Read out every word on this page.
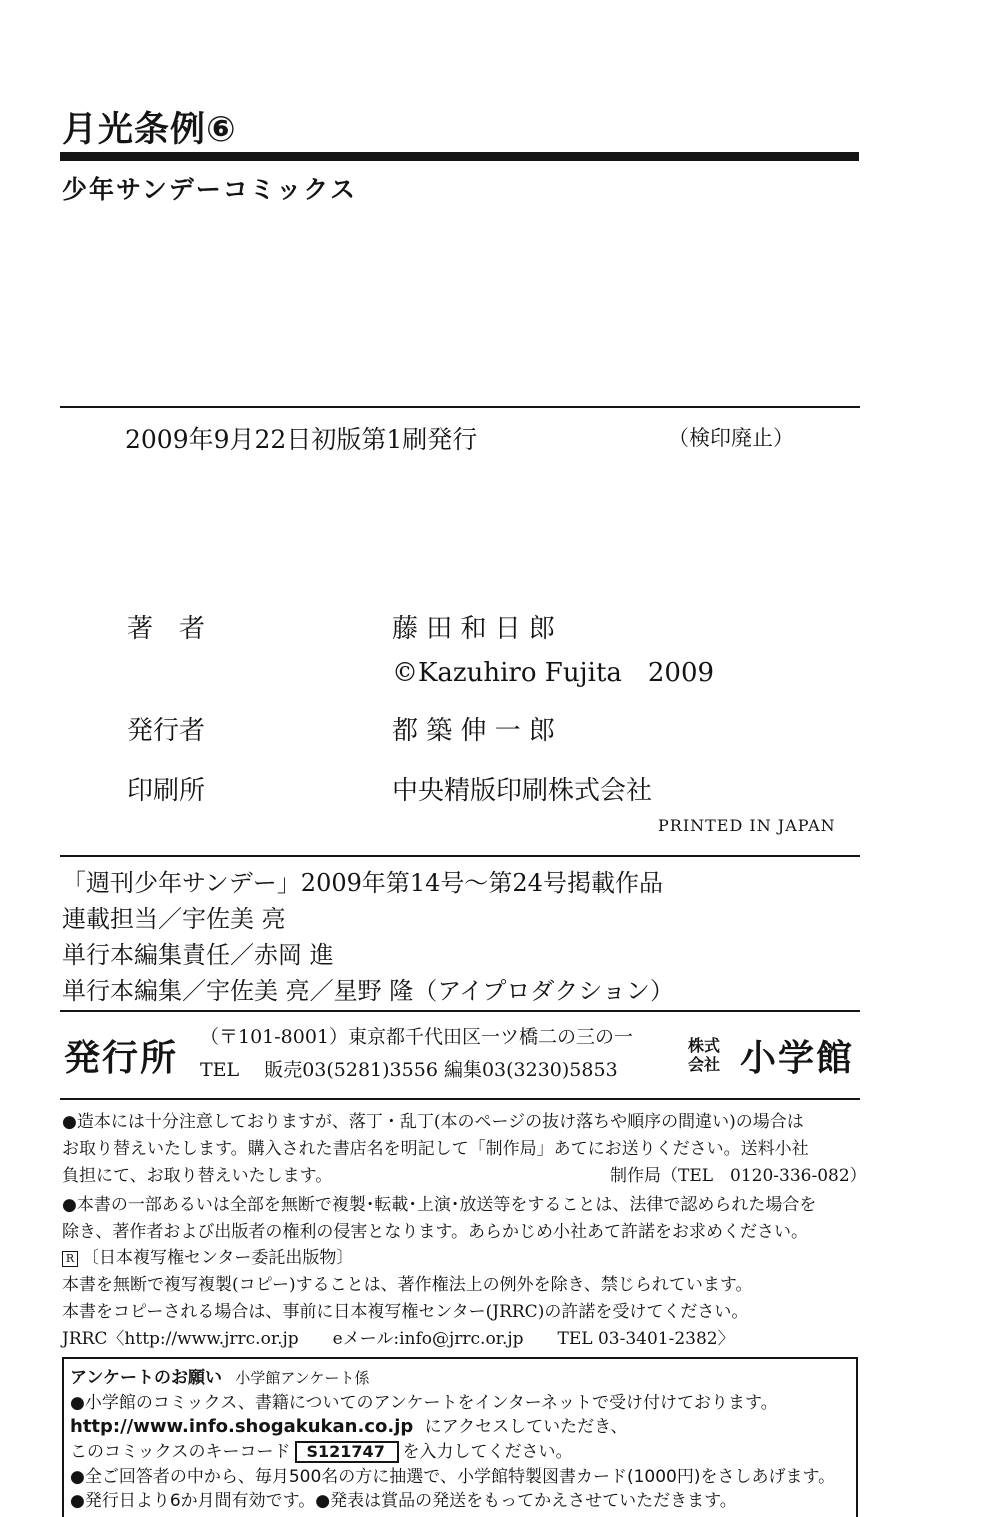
月光条例⑥
少年サンデーコミックス
2009年9月22日初版第1刷発行	（検印廃止）
著　者	藤 田 和 日 郎
©Kazuhiro Fujita　2009
発行者	都 築 伸 一 郎
印刷所	中央精版印刷株式会社
PRINTED IN JAPAN
「週刊少年サンデー」2009年第14号〜第24号掲載作品
連載担当／宇佐美 亮
単行本編集責任／赤岡 進
単行本編集／宇佐美 亮／星野 隆（アイプロダクション）
発行所
（〒101-8001）東京都千代田区一ツ橋二の三の一
TEL　 販売03(5281)3556 編集03(3230)5853
株式
会社 小学館
●造本には十分注意しておりますが、落丁・乱丁(本のページの抜け落ちや順序の間違い)の場合は
お取り替えいたします。購入された書店名を明記して「制作局」あてにお送りください。送料小社
負担にて、お取り替えいたします。	制作局（TEL　0120-336-082）
●本書の一部あるいは全部を無断で複製･転載･上演･放送等をすることは、法律で認められた場合を
除き、著作者および出版者の権利の侵害となります。あらかじめ小社あて許諾をお求めください。
R 〔日本複写権センター委託出版物〕
本書を無断で複写複製(コピー)することは、著作権法上の例外を除き、禁じられています。
本書をコピーされる場合は、事前に日本複写権センター(JRRC)の許諾を受けてください。
JRRC〈http://www.jrrc.or.jp　　eメール:info@jrrc.or.jp　　TEL 03-3401-2382〉
アンケートのお願い 小学館アンケート係
●小学館のコミックス、書籍についてのアンケートをインターネットで受け付けております。
http://www.info.shogakukan.co.jp にアクセスしていただき、
このコミックスのキーコード S121747 を入力してください。
●全ご回答者の中から、毎月500名の方に抽選で、小学館特製図書カード(1000円)をさしあげます。
●発行日より6か月間有効です。●発表は賞品の発送をもってかえさせていただきます。
